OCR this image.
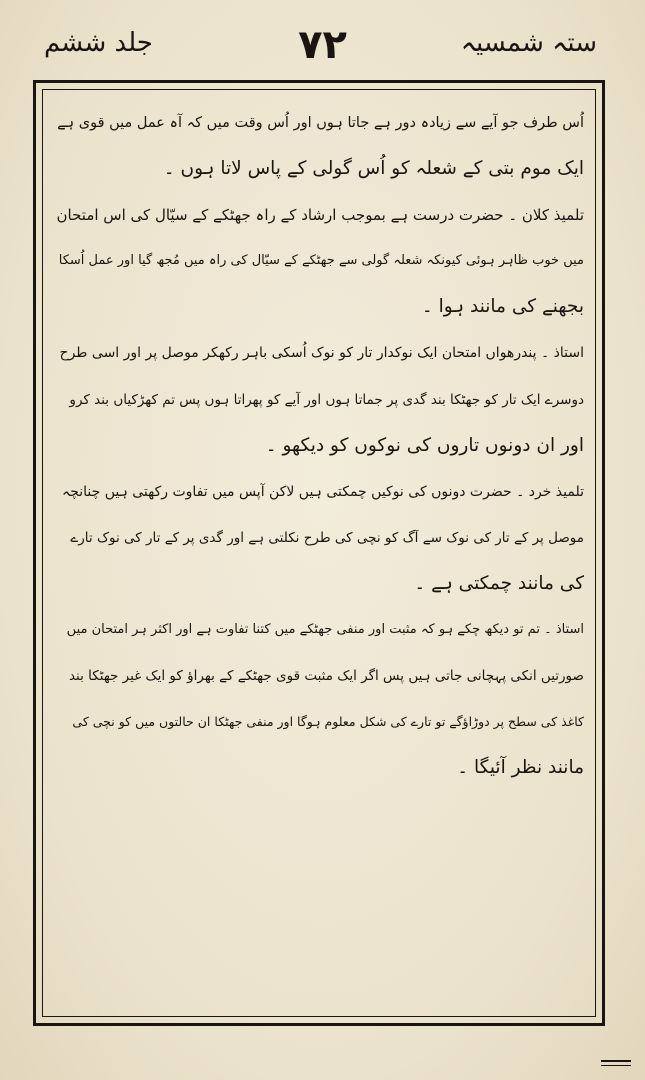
ستہ شمسیہ
۷۲
جلد ششم
اُس طرف جو آیے سے زیادہ دور ہے جاتا ہوں اور اُس وقت میں کہ آہ عمل میں قوی ہے
ایک موم بتی کے شعلہ کو اُس گولی کے پاس لاتا ہوں ۔
تلمیذ کلان ۔ حضرت درست ہے بموجب ارشاد کے راہ جھٹکے کے سیّال کی اس امتحان
میں خوب ظاہر ہوئی کیونکہ شعلہ گولی سے جھٹکے کے سیّال کی راہ میں مُجھ گیا اور عمل اُسکا
بجھنے کی مانند ہوا ۔
استاذ ۔ پندرھواں امتحان ایک نوکدار تار کو نوک اُسکی باہر رکھکر موصل پر اور اسی طرح
دوسرے ایک تار کو جھٹکا بند گدی پر جماتا ہوں اور آیے کو پھراتا ہوں پس تم کھڑکیاں بند کرو
اور ان دونوں تاروں کی نوکوں کو دیکھو ۔
تلمیذ خرد ۔ حضرت دونوں کی نوکیں چمکتی ہیں لاکن آپس میں تفاوت رکھتی ہیں چنانچہ
موصل پر کے تار کی نوک سے آگ کو نچی کی طرح نکلتی ہے اور گدی پر کے تار کی نوک تارے
کی مانند چمکتی ہے ۔
استاذ ۔ تم تو دیکھ چکے ہو کہ مثبت اور منفی جھٹکے میں کتنا تفاوت ہے اور اکثر ہر امتحان میں
صورتیں انکی پہچانی جاتی ہیں پس اگر ایک مثبت قوی جھٹکے کے بھراؤ کو ایک غیر جھٹکا بند
کاغذ کی سطح پر دوڑاؤگے تو تارے کی شکل معلوم ہوگا اور منفی جھٹکا ان حالتوں میں کو نچی کی
مانند نظر آئیگا ۔
